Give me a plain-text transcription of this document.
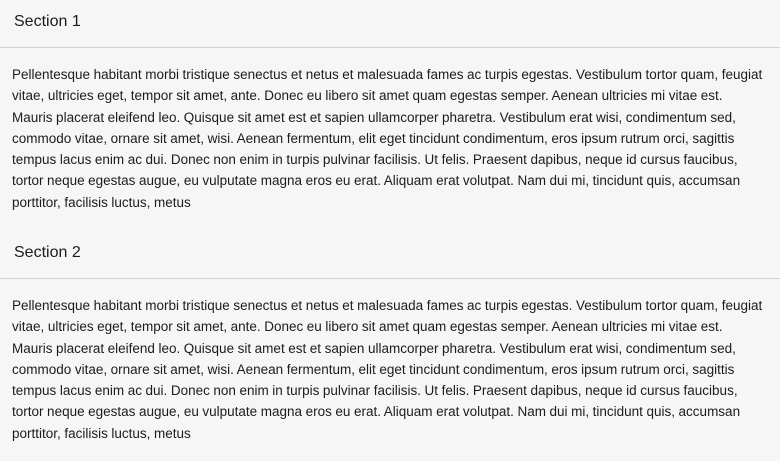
Section 1

Pellentesque habitant morbi tristique senectus et netus et malesuada fames ac turpis egestas. Vestibulum tortor quam, feugiat vitae, ultricies eget, tempor sit amet, ante. Donec eu libero sit amet quam egestas semper. Aenean ultricies mi vitae est. Mauris placerat eleifend leo. Quisque sit amet est et sapien ullamcorper pharetra. Vestibulum erat wisi, condimentum sed, commodo vitae, ornare sit amet, wisi. Aenean fermentum, elit eget tincidunt condimentum, eros ipsum rutrum orci, sagittis tempus lacus enim ac dui. Donec non enim in turpis pulvinar facilisis. Ut felis. Praesent dapibus, neque id cursus faucibus, tortor neque egestas augue, eu vulputate magna eros eu erat. Aliquam erat volutpat. Nam dui mi, tincidunt quis, accumsan porttitor, facilisis luctus, metus

Section 2

Pellentesque habitant morbi tristique senectus et netus et malesuada fames ac turpis egestas. Vestibulum tortor quam, feugiat vitae, ultricies eget, tempor sit amet, ante. Donec eu libero sit amet quam egestas semper. Aenean ultricies mi vitae est. Mauris placerat eleifend leo. Quisque sit amet est et sapien ullamcorper pharetra. Vestibulum erat wisi, condimentum sed, commodo vitae, ornare sit amet, wisi. Aenean fermentum, elit eget tincidunt condimentum, eros ipsum rutrum orci, sagittis tempus lacus enim ac dui. Donec non enim in turpis pulvinar facilisis. Ut felis. Praesent dapibus, neque id cursus faucibus, tortor neque egestas augue, eu vulputate magna eros eu erat. Aliquam erat volutpat. Nam dui mi, tincidunt quis, accumsan porttitor, facilisis luctus, metus
